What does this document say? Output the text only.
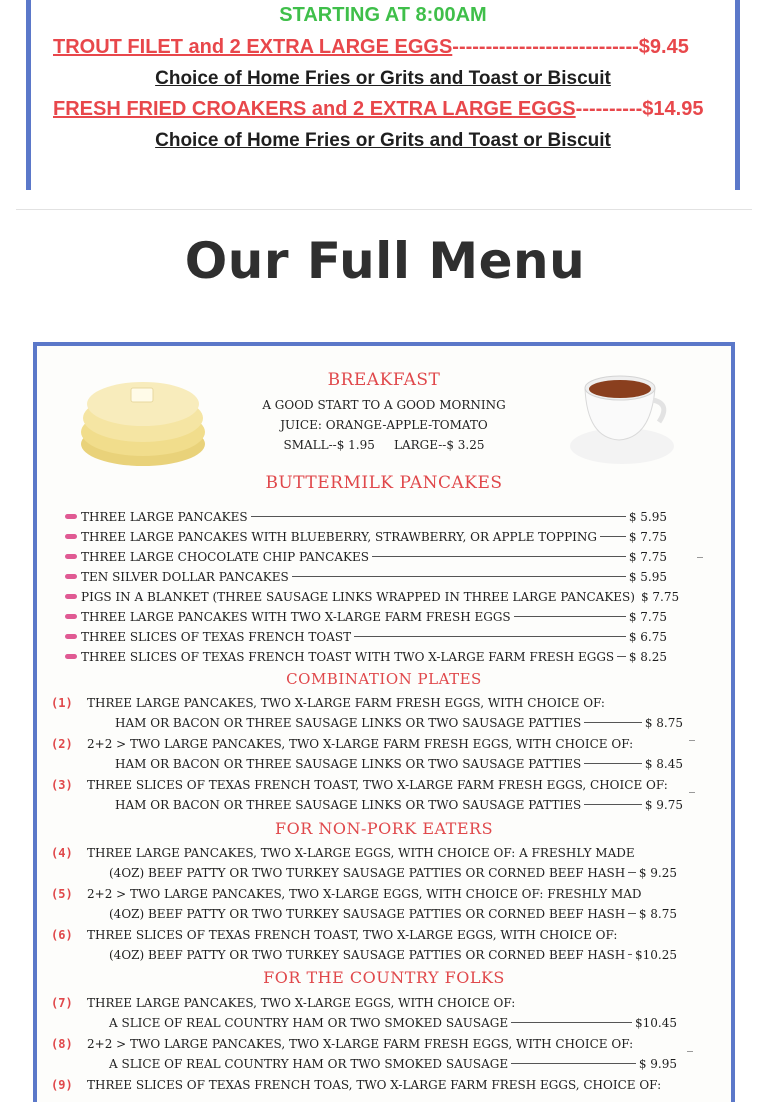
STARTING AT 8:00AM
TROUT FILET and 2 EXTRA LARGE EGGS----------------------------$9.45
Choice of Home Fries or Grits and Toast or Biscuit
FRESH FRIED CROAKERS and 2 EXTRA LARGE EGGS----------$14.95
Choice of Home Fries or Grits and Toast or Biscuit
Our Full Menu
BREAKFAST
A GOOD START TO A GOOD MORNING
JUICE: ORANGE-APPLE-TOMATO
SMALL--$ 1.95 LARGE--$ 3.25
BUTTERMILK PANCAKES
THREE LARGE PANCAKES	$ 5.95
THREE LARGE PANCAKES WITH BLUEBERRY, STRAWBERRY, OR APPLE TOPPING	$ 7.75
THREE LARGE CHOCOLATE CHIP PANCAKES	$ 7.75
TEN SILVER DOLLAR PANCAKES	$ 5.95
PIGS IN A BLANKET (THREE SAUSAGE LINKS WRAPPED IN THREE LARGE PANCAKES) $ 7.75
THREE LARGE PANCAKES WITH TWO X-LARGE FARM FRESH EGGS	$ 7.75
THREE SLICES OF TEXAS FRENCH TOAST	$ 6.75
THREE SLICES OF TEXAS FRENCH TOAST WITH TWO X-LARGE FARM FRESH EGGS $ 8.25
COMBINATION PLATES
(1) THREE LARGE PANCAKES, TWO X-LARGE FARM FRESH EGGS, WITH CHOICE OF:
HAM OR BACON OR THREE SAUSAGE LINKS OR TWO SAUSAGE PATTIES	$ 8.75
(2) 2+2 > TWO LARGE PANCAKES, TWO X-LARGE FARM FRESH EGGS, WITH CHOICE OF:
HAM OR BACON OR THREE SAUSAGE LINKS OR TWO SAUSAGE PATTIES	$ 8.45
(3) THREE SLICES OF TEXAS FRENCH TOAST, TWO X-LARGE FARM FRESH EGGS, CHOICE OF:
HAM OR BACON OR THREE SAUSAGE LINKS OR TWO SAUSAGE PATTIES	$ 9.75
FOR NON-PORK EATERS
(4) THREE LARGE PANCAKES, TWO X-LARGE EGGS, WITH CHOICE OF: A FRESHLY MADE
(4OZ) BEEF PATTY OR TWO TURKEY SAUSAGE PATTIES OR CORNED BEEF HASH $ 9.25
(5) 2+2 > TWO LARGE PANCAKES, TWO X-LARGE EGGS, WITH CHOICE OF: FRESHLY MAD
(4OZ) BEEF PATTY OR TWO TURKEY SAUSAGE PATTIES OR CORNED BEEF HASH $ 8.75
(6) THREE SLICES OF TEXAS FRENCH TOAST, TWO X-LARGE EGGS, WITH CHOICE OF:
(4OZ) BEEF PATTY OR TWO TURKEY SAUSAGE PATTIES OR CORNED BEEF HASH $10.25
FOR THE COUNTRY FOLKS
(7) THREE LARGE PANCAKES, TWO X-LARGE EGGS, WITH CHOICE OF:
A SLICE OF REAL COUNTRY HAM OR TWO SMOKED SAUSAGE	$10.45
(8) 2+2 > TWO LARGE PANCAKES, TWO X-LARGE FARM FRESH EGGS, WITH CHOICE OF:
A SLICE OF REAL COUNTRY HAM OR TWO SMOKED SAUSAGE	$ 9.95
(9) THREE SLICES OF TEXAS FRENCH TOAS, TWO X-LARGE FARM FRESH EGGS, CHOICE OF:
